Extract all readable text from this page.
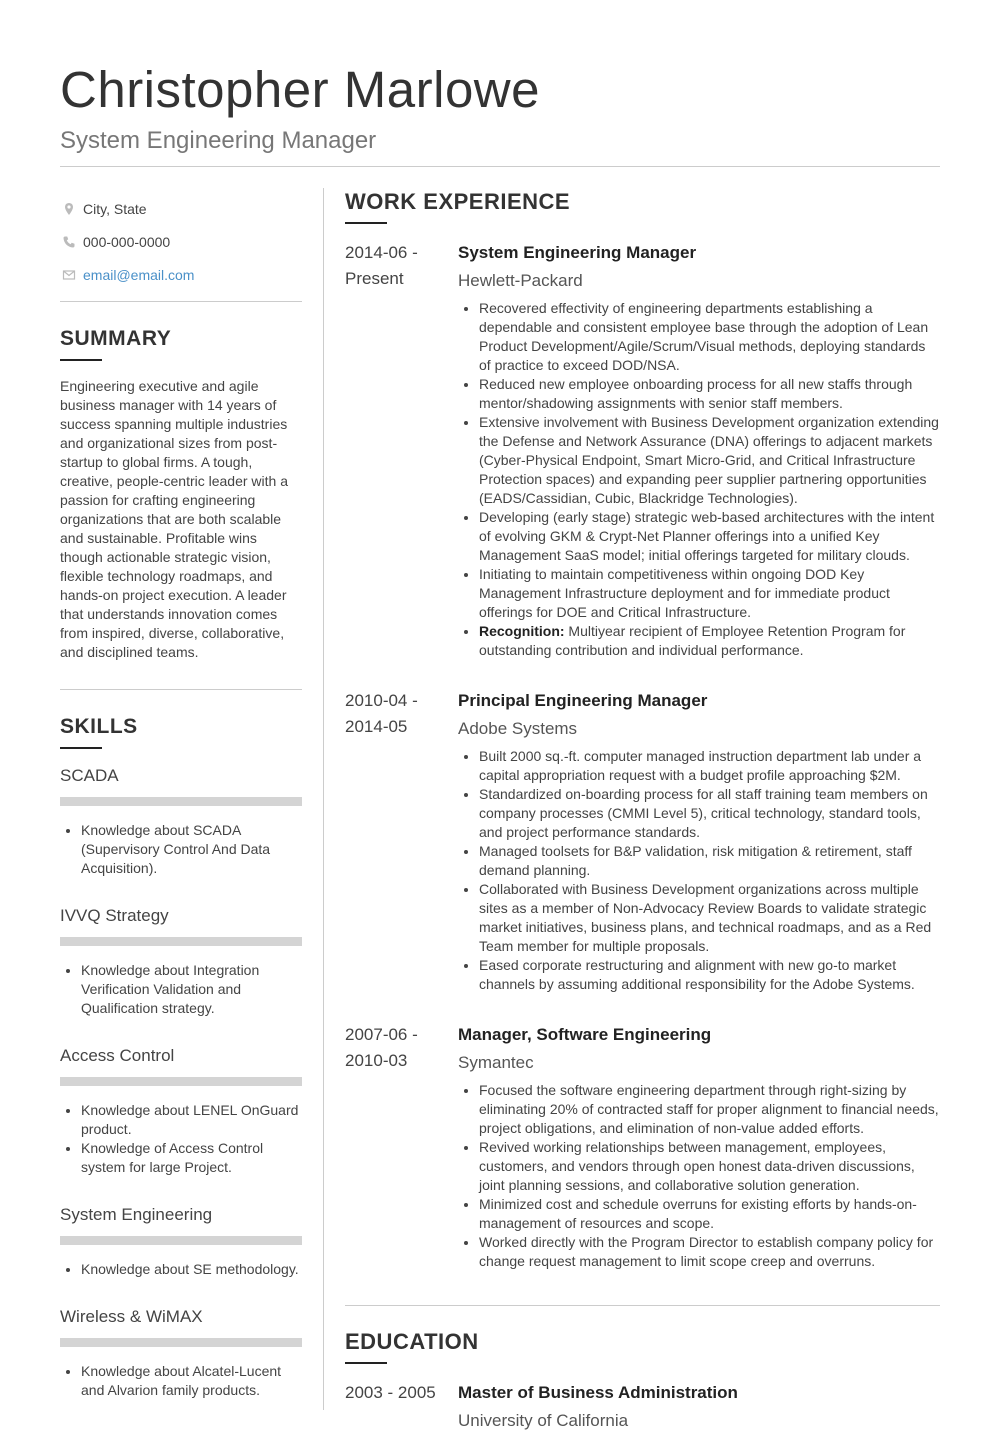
Christopher Marlowe
System Engineering Manager
City, State
000-000-0000
email@email.com
SUMMARY
Engineering executive and agile business manager with 14 years of success spanning multiple industries and organizational sizes from post-startup to global firms. A tough, creative, people-centric leader with a passion for crafting engineering organizations that are both scalable and sustainable. Profitable wins though actionable strategic vision, flexible technology roadmaps, and hands-on project execution. A leader that understands innovation comes from inspired, diverse, collaborative, and disciplined teams.
SKILLS
SCADA
• Knowledge about SCADA (Supervisory Control And Data Acquisition).
IVVQ Strategy
• Knowledge about Integration Verification Validation and Qualification strategy.
Access Control
• Knowledge about LENEL OnGuard product.
• Knowledge of Access Control system for large Project.
System Engineering
• Knowledge about SE methodology.
Wireless & WiMAX
• Knowledge about Alcatel-Lucent and Alvarion family products.
WORK EXPERIENCE
2014-06 -
Present
System Engineering Manager
Hewlett-Packard
• Recovered effectivity of engineering departments establishing a dependable and consistent employee base through the adoption of Lean Product Development/Agile/Scrum/Visual methods, deploying standards of practice to exceed DOD/NSA.
• Reduced new employee onboarding process for all new staffs through mentor/shadowing assignments with senior staff members.
• Extensive involvement with Business Development organization extending the Defense and Network Assurance (DNA) offerings to adjacent markets (Cyber-Physical Endpoint, Smart Micro-Grid, and Critical Infrastructure Protection spaces) and expanding peer supplier partnering opportunities (EADS/Cassidian, Cubic, Blackridge Technologies).
• Developing (early stage) strategic web-based architectures with the intent of evolving GKM & Crypt-Net Planner offerings into a unified Key Management SaaS model; initial offerings targeted for military clouds.
• Initiating to maintain competitiveness within ongoing DOD Key Management Infrastructure deployment and for immediate product offerings for DOE and Critical Infrastructure.
• Recognition: Multiyear recipient of Employee Retention Program for outstanding contribution and individual performance.
2010-04 -
2014-05
Principal Engineering Manager
Adobe Systems
• Built 2000 sq.-ft. computer managed instruction department lab under a capital appropriation request with a budget profile approaching $2M.
• Standardized on-boarding process for all staff training team members on company processes (CMMI Level 5), critical technology, standard tools, and project performance standards.
• Managed toolsets for B&P validation, risk mitigation & retirement, staff demand planning.
• Collaborated with Business Development organizations across multiple sites as a member of Non-Advocacy Review Boards to validate strategic market initiatives, business plans, and technical roadmaps, and as a Red Team member for multiple proposals.
• Eased corporate restructuring and alignment with new go-to market channels by assuming additional responsibility for the Adobe Systems.
2007-06 -
2010-03
Manager, Software Engineering
Symantec
• Focused the software engineering department through right-sizing by eliminating 20% of contracted staff for proper alignment to financial needs, project obligations, and elimination of non-value added efforts.
• Revived working relationships between management, employees, customers, and vendors through open honest data-driven discussions, joint planning sessions, and collaborative solution generation.
• Minimized cost and schedule overruns for existing efforts by hands-on-management of resources and scope.
• Worked directly with the Program Director to establish company policy for change request management to limit scope creep and overruns.
EDUCATION
2003 - 2005	Master of Business Administration
University of California
